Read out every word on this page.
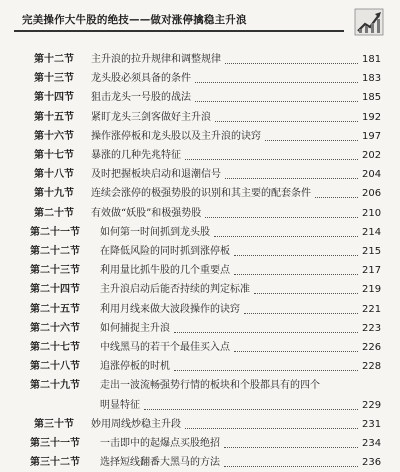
完美操作大牛股的绝技——做对涨停擒稳主升浪
第十二节 主升浪的拉升规律和调整规律	181
第十三节 龙头股必须具备的条件	183
第十四节 狙击龙头一号股的战法	185
第十五节 紧盯龙头三剑客做好主升浪	192
第十六节 操作涨停板和龙头股以及主升浪的诀窍	197
第十七节 暴涨的几种先兆特征	202
第十八节 及时把握板块启动和退潮信号	204
第十九节 连续会涨停的极强势股的识别和其主要的配套条件	206
第二十节 有效做“妖股”和极强势股	210
第二十一节 如何第一时间抓到龙头股	214
第二十二节 在降低风险的同时抓到涨停板	215
第二十三节 利用量比抓牛股的几个重要点	217
第二十四节 主升浪启动后能否持续的判定标准	219
第二十五节 利用月线来做大波段操作的诀窍	221
第二十六节 如何捕捉主升浪	223
第二十七节 中线黑马的若干个最佳买入点	226
第二十八节 追涨停板的时机	228
第二十九节 走出一波流畅强势行情的板块和个股都具有的四个
明显特征	229
第三十节 妙用周线炒稳主升段	231
第三十一节 一击即中的起爆点买股绝招	234
第三十二节 选择短线翻番大黑马的方法	236
